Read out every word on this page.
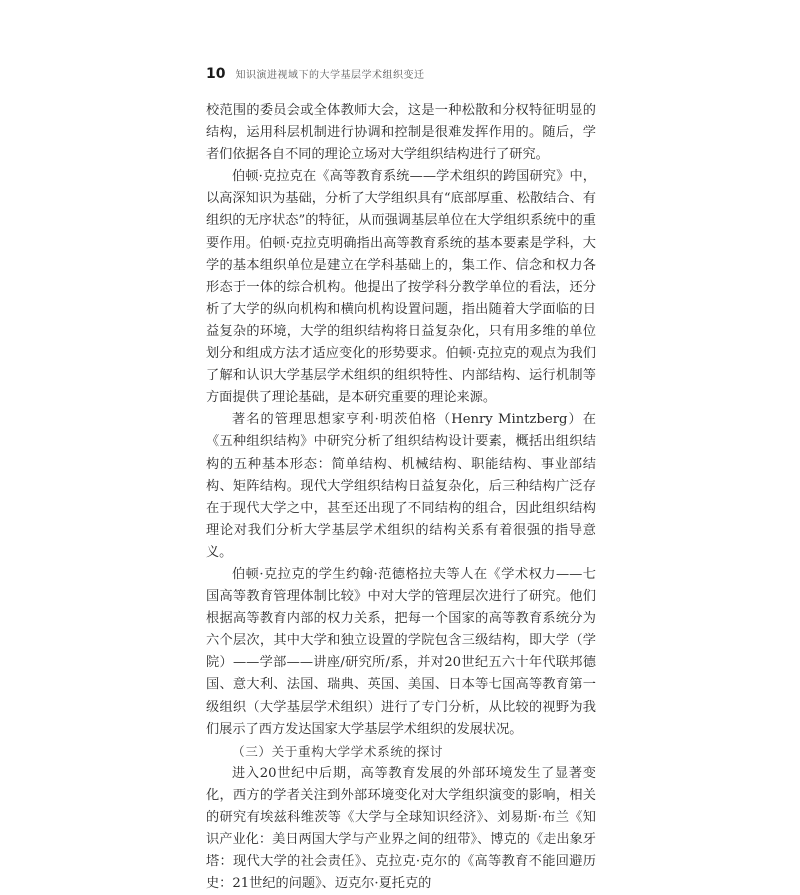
10 知识演进视域下的大学基层学术组织变迁

校范围的委员会或全体教师大会，这是一种松散和分权特征明显的结构，运用科层机制进行协调和控制是很难发挥作用的。随后，学者们依据各自不同的理论立场对大学组织结构进行了研究。

伯顿·克拉克在《高等教育系统——学术组织的跨国研究》中，以高深知识为基础，分析了大学组织具有“底部厚重、松散结合、有组织的无序状态”的特征，从而强调基层单位在大学组织系统中的重要作用。伯顿·克拉克明确指出高等教育系统的基本要素是学科，大学的基本组织单位是建立在学科基础上的，集工作、信念和权力各形态于一体的综合机构。他提出了按学科分教学单位的看法，还分析了大学的纵向机构和横向机构设置问题，指出随着大学面临的日益复杂的环境，大学的组织结构将日益复杂化，只有用多维的单位划分和组成方法才适应变化的形势要求。伯顿·克拉克的观点为我们了解和认识大学基层学术组织的组织特性、内部结构、运行机制等方面提供了理论基础，是本研究重要的理论来源。

著名的管理思想家亨利·明茨伯格（Henry Mintzberg）在《五种组织结构》中研究分析了组织结构设计要素，概括出组织结构的五种基本形态：简单结构、机械结构、职能结构、事业部结构、矩阵结构。现代大学组织结构日益复杂化，后三种结构广泛存在于现代大学之中，甚至还出现了不同结构的组合，因此组织结构理论对我们分析大学基层学术组织的结构关系有着很强的指导意义。

伯顿·克拉克的学生约翰·范德格拉夫等人在《学术权力——七国高等教育管理体制比较》中对大学的管理层次进行了研究。他们根据高等教育内部的权力关系，把每一个国家的高等教育系统分为六个层次，其中大学和独立设置的学院包含三级结构，即大学（学院）——学部——讲座/研究所/系，并对20世纪五六十年代联邦德国、意大利、法国、瑞典、英国、美国、日本等七国高等教育第一级组织（大学基层学术组织）进行了专门分析，从比较的视野为我们展示了西方发达国家大学基层学术组织的发展状况。

（三）关于重构大学学术系统的探讨

进入20世纪中后期，高等教育发展的外部环境发生了显著变化，西方的学者关注到外部环境变化对大学组织演变的影响，相关的研究有埃兹科维茨等《大学与全球知识经济》、刘易斯·布兰《知识产业化：美日两国大学与产业界之间的纽带》、博克的《走出象牙塔：现代大学的社会责任》、克拉克·克尔的《高等教育不能回避历史：21世纪的问题》、迈克尔·夏托克的
